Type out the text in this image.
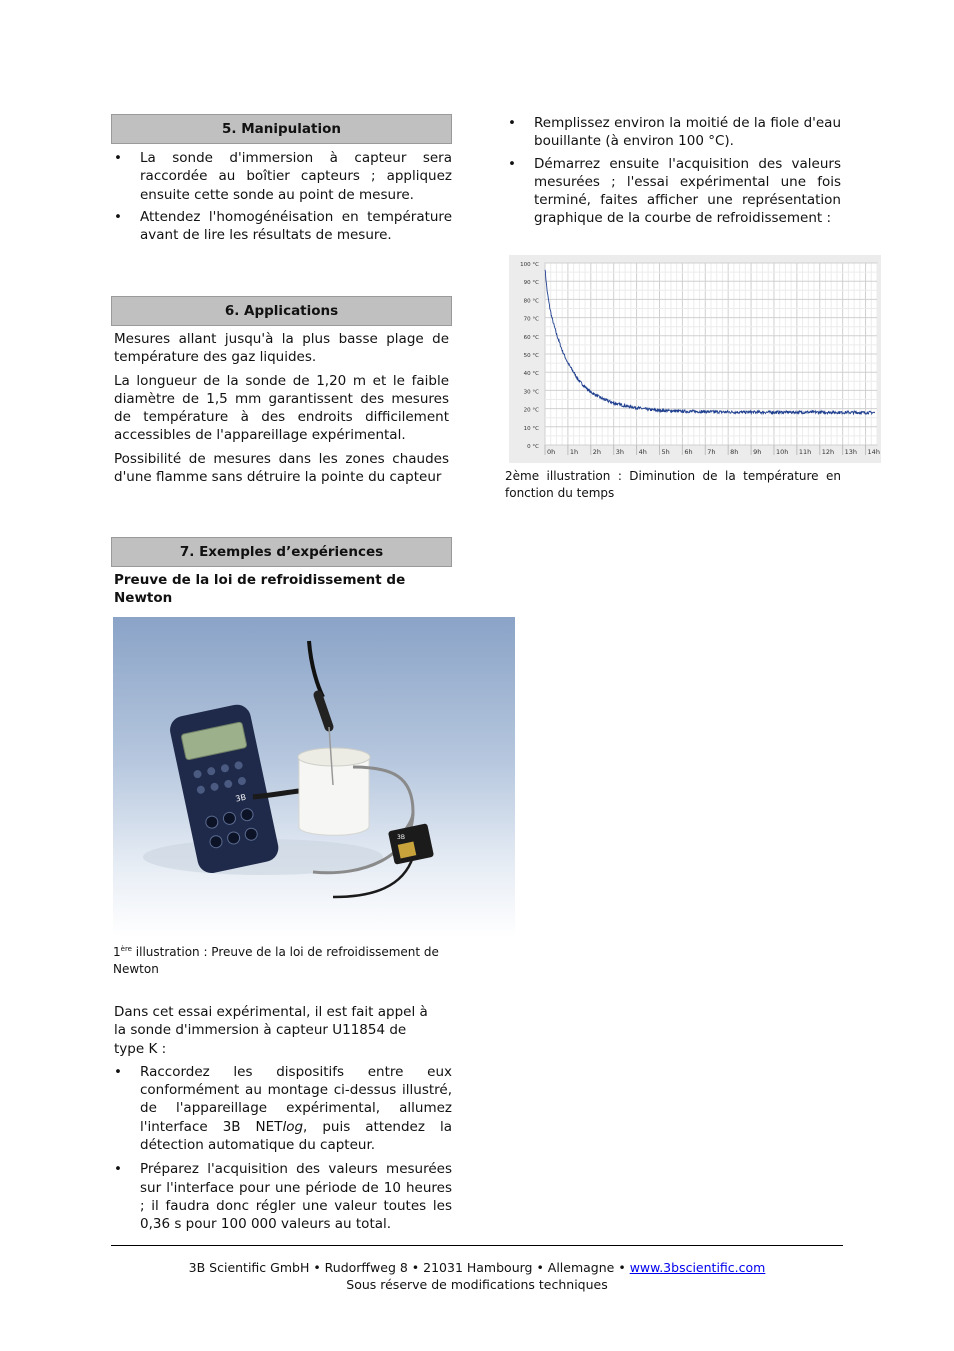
5. Manipulation
• La sonde d'immersion à capteur sera raccordée au boîtier capteurs ; appliquez ensuite cette sonde au point de mesure.
• Attendez l'homogénéisation en température avant de lire les résultats de mesure.
6. Applications

Mesures allant jusqu'à la plus basse plage de température des gaz liquides.

La longueur de la sonde de 1,20 m et le faible diamètre de 1,5 mm garantissent des mesures de température à des endroits difficilement accessibles de l'appareillage expérimental.

Possibilité de mesures dans les zones chaudes d'une flamme sans détruire la pointe du capteur

7. Exemples d’expériences
Preuve de la loi de refroidissement de Newton
3B
3B
1ère illustration : Preuve de la loi de refroidissement de Newton

Dans cet essai expérimental, il est fait appel à la sonde d'immersion à capteur U11854 de type K :

• Raccordez les dispositifs entre eux conformément au montage ci-dessus illustré, de l'appareillage expérimental, allumez l'interface 3B NETlog, puis attendez la détection automatique du capteur.
• Préparez l'acquisition des valeurs mesurées sur l'interface pour une période de 10 heures ; il faudra donc régler une valeur toutes les 0,36 s pour 100 000 valeurs au total.
• Remplissez environ la moitié de la fiole d'eau bouillante (à environ 100 °C).
• Démarrez ensuite l'acquisition des valeurs mesurées ; l'essai expérimental une fois terminé, faites afficher une représentation graphique de la courbe de refroidissement :
0 °C
10 °C
20 °C
30 °C
40 °C
50 °C
60 °C
70 °C
80 °C
90 °C
100 °C
0h 1h 2h 3h 4h 5h 6h 7h 8h 9h 10h 11h 12h 13h 14h
2ème illustration : Diminution de la température en fonction du temps
3B Scientific GmbH • Rudorffweg 8 • 21031 Hambourg • Allemagne • www.3bscientific.com
Sous réserve de modifications techniques
